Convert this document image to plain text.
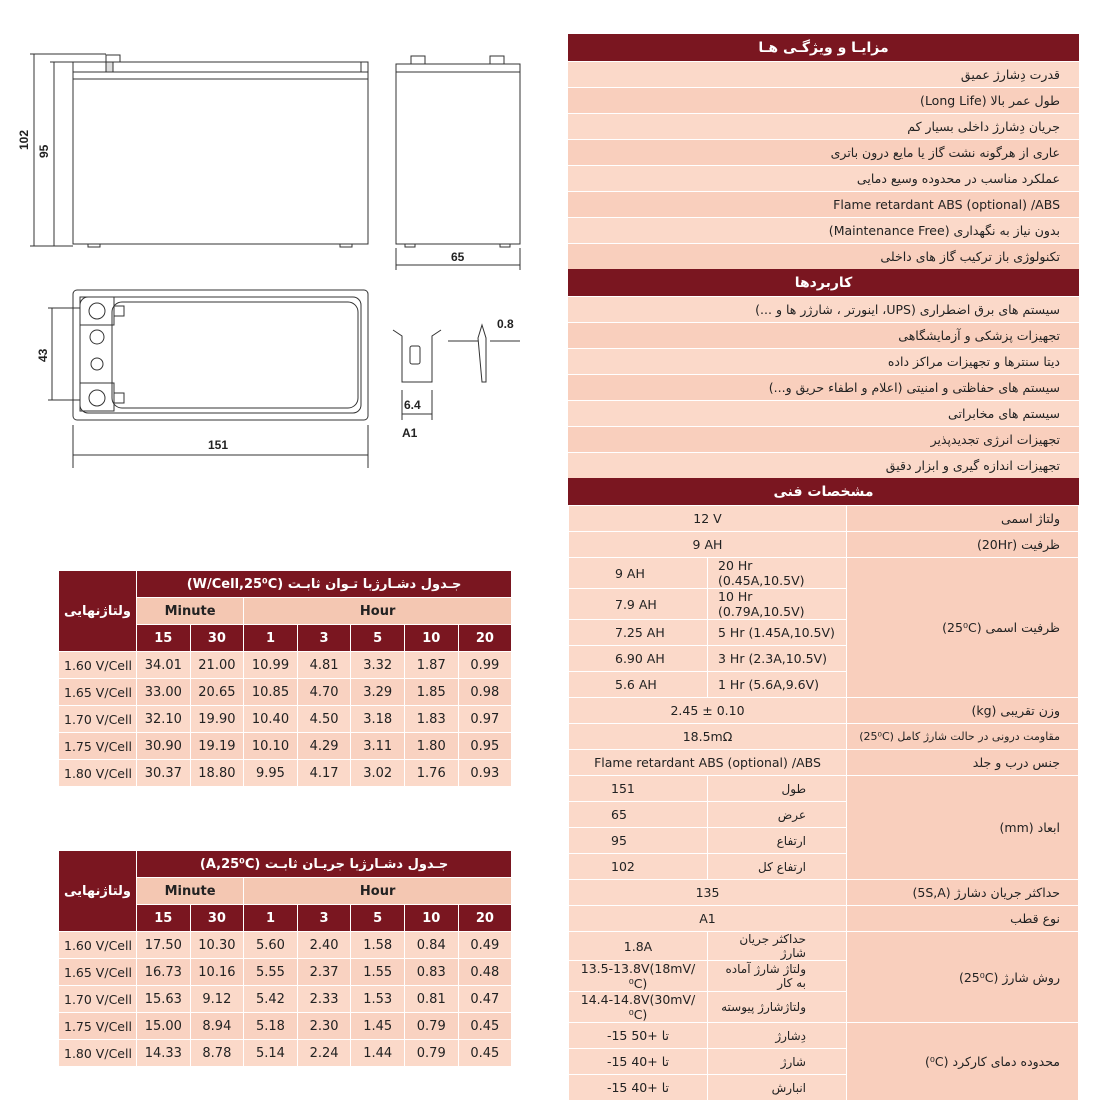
102
95
65
43
151
6.4
A1
0.8
مزایـا و ویژگـی هـا
قدرت دِشارژ عمیق
طول عمر بالا (Long Life)
جریان دِشارژ داخلی بسیار کم
عاری از هرگونه نشت گاز یا مایع درون باتری
عملکرد مناسب در محدوده وسیع دمایی
Flame retardant ABS (optional) /ABS
بدون نیاز به نگهداری (Maintenance Free)
تکنولوژی باز ترکیب گاز های داخلی
کاربردها
سیستم های برق اضطراری (UPS، اینورتر ، شارژر ها و ...)
تجهیزات پزشکی و آزمایشگاهی
دیتا سنترها و تجهیزات مراکز داده
سیستم های حفاظتی و امنیتی (اعلام و اطفاء حریق و...)
سیستم های مخابراتی
تجهیزات انرژی تجدیدپذیر
تجهیزات اندازه گیری و ابزار دقیق
مشخصات فنی
ولتاژ اسمی	12 V	
ظرفیت (20Hr)	9 AH	
ظرفیت اسمی (25⁰C)	20 Hr (0.45A,10.5V)	9 AH
	10 Hr (0.79A,10.5V)	7.9 AH
	5 Hr (1.45A,10.5V)	7.25 AH
	3 Hr (2.3A,10.5V)	6.90 AH
	1 Hr (5.6A,9.6V)	5.6 AH
وزن تقریبی (kg)	2.45 ± 0.10	
مقاومت درونی در حالت شارژ کامل (25⁰C)	18.5mΩ	
جنس درب و جلد	Flame retardant ABS (optional) /ABS	
ابعاد (mm)	طول	151
	عرض	65
	ارتفاع	95
	ارتفاع کل	102
حداکثر جریان دشارژ (5S,A)	135	
نوع قطب	A1	
روش شارژ (25⁰C)	حداکثر جریان شارژ	1.8A
	ولتاژ شارژ آماده به کار	13.5-13.8V(18mV/⁰C)
	ولتاژشارژ پیوسته	14.4-14.8V(30mV/⁰C)
محدوده دمای کارکرد (⁰C)	دِشارژ	-15 تا +50
	شارژ	-15 تا +40
	انبارش	-15 تا +40
ولتاژنهایی	جـدول دشـارژبا تـوان ثابـت (W/Cell,25⁰C)						
	Minute		Hour				
	15	30	1	3	5	10	20
1.60 V/Cell	34.01	21.00	10.99	4.81	3.32	1.87	0.99
1.65 V/Cell	33.00	20.65	10.85	4.70	3.29	1.85	0.98
1.70 V/Cell	32.10	19.90	10.40	4.50	3.18	1.83	0.97
1.75 V/Cell	30.90	19.19	10.10	4.29	3.11	1.80	0.95
1.80 V/Cell	30.37	18.80	9.95	4.17	3.02	1.76	0.93
ولتاژنهایی	جـدول دشـارژبا جریـان ثابـت (A,25⁰C)						
	Minute		Hour				
	15	30	1	3	5	10	20
1.60 V/Cell	17.50	10.30	5.60	2.40	1.58	0.84	0.49
1.65 V/Cell	16.73	10.16	5.55	2.37	1.55	0.83	0.48
1.70 V/Cell	15.63	9.12	5.42	2.33	1.53	0.81	0.47
1.75 V/Cell	15.00	8.94	5.18	2.30	1.45	0.79	0.45
1.80 V/Cell	14.33	8.78	5.14	2.24	1.44	0.79	0.45
